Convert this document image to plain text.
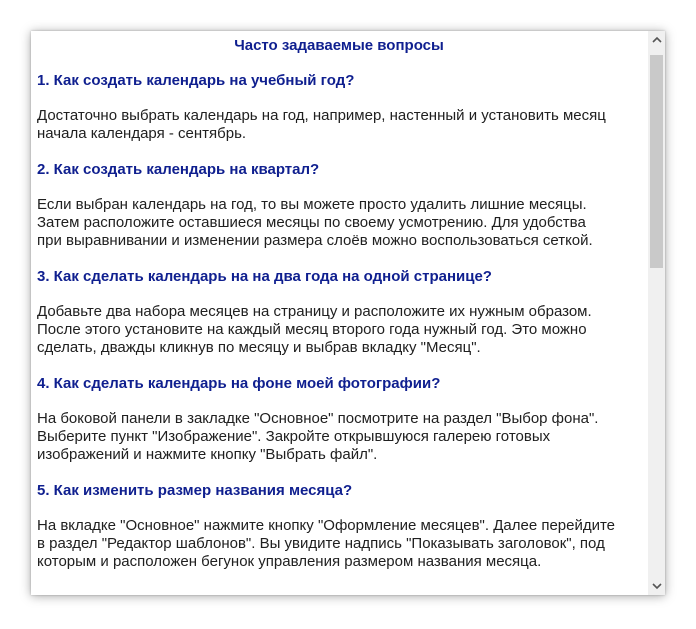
Часто задаваемые вопросы

1. Как создать календарь на учебный год?

Достаточно выбрать календарь на год, например, настенный и установить месяц
начала календаря - сентябрь.

2. Как создать календарь на квартал?

Если выбран календарь на год, то вы можете просто удалить лишние месяцы.
Затем расположите оставшиеся месяцы по своему усмотрению. Для удобства
при выравнивании и изменении размера слоёв можно воспользоваться сеткой.

3. Как сделать календарь на на два года на одной странице?

Добавьте два набора месяцев на страницу и расположите их нужным образом.
После этого установите на каждый месяц второго года нужный год. Это можно
сделать, дважды кликнув по месяцу и выбрав вкладку "Месяц".

4. Как сделать календарь на фоне моей фотографии?

На боковой панели в закладке "Основное" посмотрите на раздел "Выбор фона".
Выберите пункт "Изображение". Закройте открывшуюся галерею готовых
изображений и нажмите кнопку "Выбрать файл".

5. Как изменить размер названия месяца?

На вкладке "Основное" нажмите кнопку "Оформление месяцев". Далее перейдите
в раздел "Редактор шаблонов". Вы увидите надпись "Показывать заголовок", под
которым и расположен бегунок управления размером названия месяца.
